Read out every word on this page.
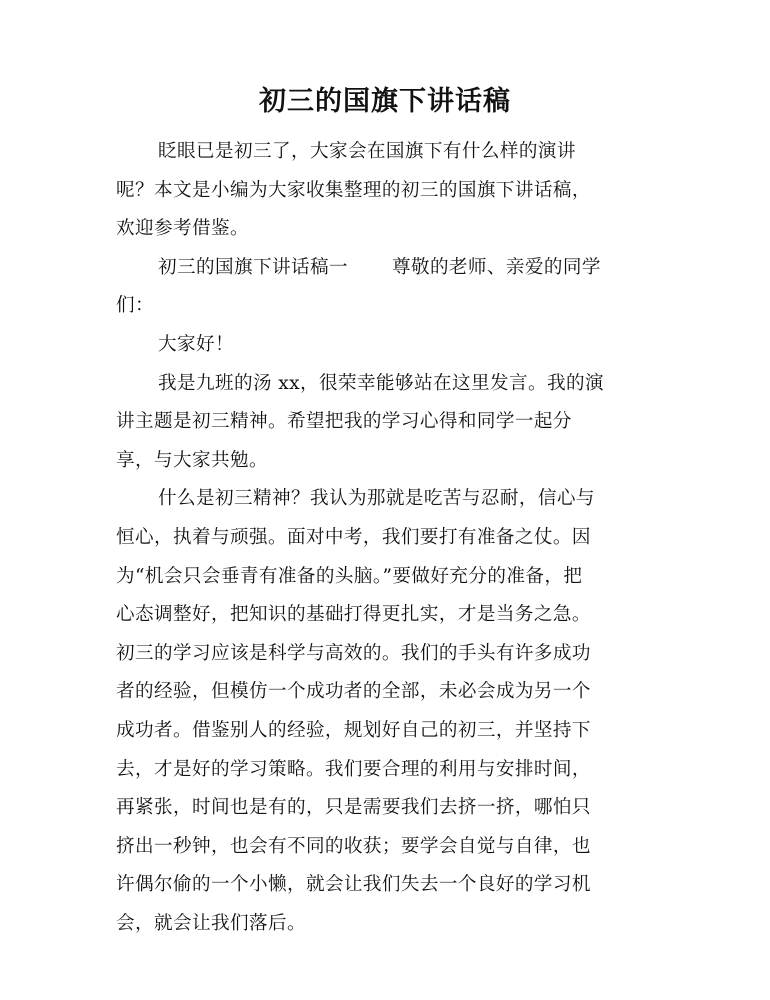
初三的国旗下讲话稿

眨眼已是初三了，大家会在国旗下有什么样的演讲
呢？本文是小编为大家收集整理的初三的国旗下讲话稿，
欢迎参考借鉴。

初三的国旗下讲话稿一 尊敬的老师、亲爱的同学
们：

大家好！

我是九班的汤 xx，很荣幸能够站在这里发言。我的演
讲主题是初三精神。希望把我的学习心得和同学一起分
享，与大家共勉。

什么是初三精神？我认为那就是吃苦与忍耐，信心与
恒心，执着与顽强。面对中考，我们要打有准备之仗。因
为“机会只会垂青有准备的头脑。”要做好充分的准备，把
心态调整好，把知识的基础打得更扎实，才是当务之急。
初三的学习应该是科学与高效的。我们的手头有许多成功
者的经验，但模仿一个成功者的全部，未必会成为另一个
成功者。借鉴别人的经验，规划好自己的初三，并坚持下
去，才是好的学习策略。我们要合理的利用与安排时间，
再紧张，时间也是有的，只是需要我们去挤一挤，哪怕只
挤出一秒钟，也会有不同的收获；要学会自觉与自律，也
许偶尔偷的一个小懒，就会让我们失去一个良好的学习机
会，就会让我们落后。
